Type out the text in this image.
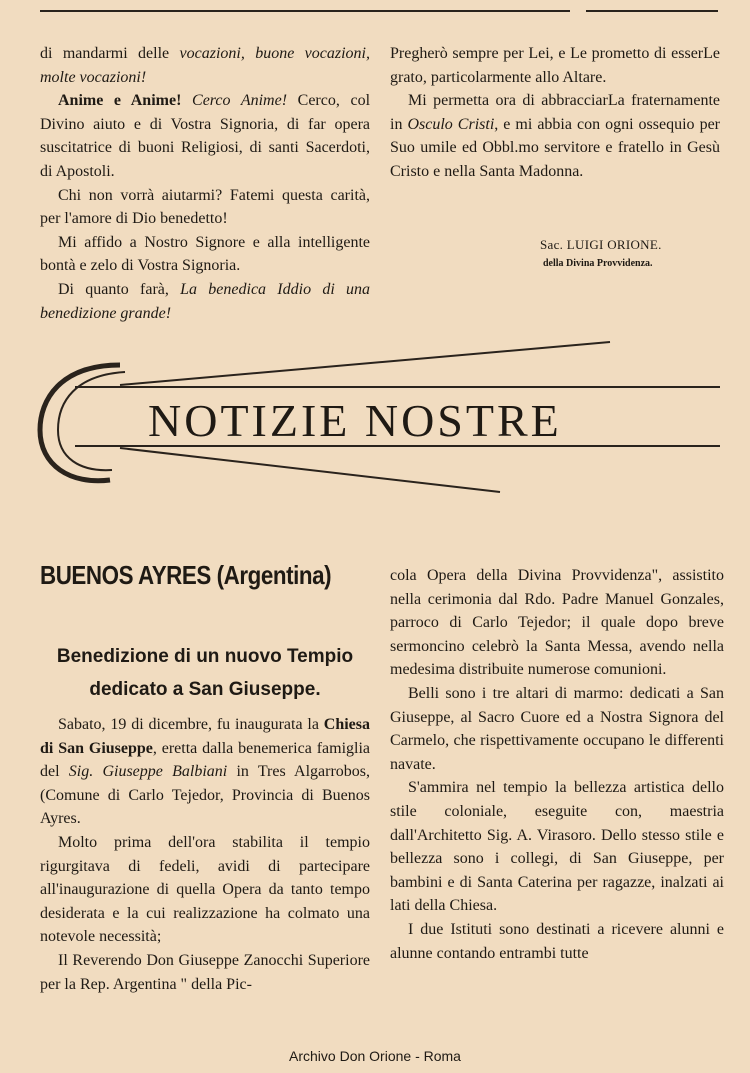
di mandarmi delle vocazioni, buone vocazioni, molte vocazioni!

Anime e Anime! Cerco Anime! Cerco, col Divino aiuto e di Vostra Signoria, di far opera suscitatrice di buoni Religiosi, di santi Sacerdoti, di Apostoli.

Chi non vorrà aiutarmi? Fatemi questa carità, per l'amore di Dio benedetto!

Mi affido a Nostro Signore e alla intelligente bontà e zelo di Vostra Signoria.

Di quanto farà, La benedica Iddio di una benedizione grande!

Pregherò sempre per Lei, e Le prometto di esserLe grato, particolarmente allo Altare.

Mi permetta ora di abbracciarLa fraternamente in Osculo Cristi, e mi abbia con ogni ossequio per Suo umile ed Obbl.mo servitore e fratello in Gesù Cristo e nella Santa Madonna.

Sac. LUIGI ORIONE.
della Divina Provvidenza.
NOTIZIE NOSTRE
BUENOS AYRES (Argentina)
Benedizione di un nuovo Tempio dedicato a San Giuseppe.

Sabato, 19 di dicembre, fu inaugurata la Chiesa di San Giuseppe, eretta dalla benemerica famiglia del Sig. Giuseppe Balbiani in Tres Algarrobos, (Comune di Carlo Tejedor, Provincia di Buenos Ayres.

Molto prima dell'ora stabilita il tempio rigurgitava di fedeli, avidi di partecipare all'inaugurazione di quella Opera da tanto tempo desiderata e la cui realizzazione ha colmato una notevole necessità;

Il Reverendo Don Giuseppe Zanocchi Superiore per la Rep. Argentina " della Pic-

cola Opera della Divina Provvidenza", assistito nella cerimonia dal Rdo. Padre Manuel Gonzales, parroco di Carlo Tejedor; il quale dopo breve sermoncino celebrò la Santa Messa, avendo nella medesima distribuite numerose comunioni.

Belli sono i tre altari di marmo: dedicati a San Giuseppe, al Sacro Cuore ed a Nostra Signora del Carmelo, che rispettivamente occupano le differenti navate.

S'ammira nel tempio la bellezza artistica dello stile coloniale, eseguite con, maestria dall'Architetto Sig. A. Virasoro. Dello stesso stile e bellezza sono i collegi, di San Giuseppe, per bambini e di Santa Caterina per ragazze, inalzati ai lati della Chiesa.

I due Istituti sono destinati a ricevere alunni e alunne contando entrambi tutte

Archivo Don Orione - Roma
